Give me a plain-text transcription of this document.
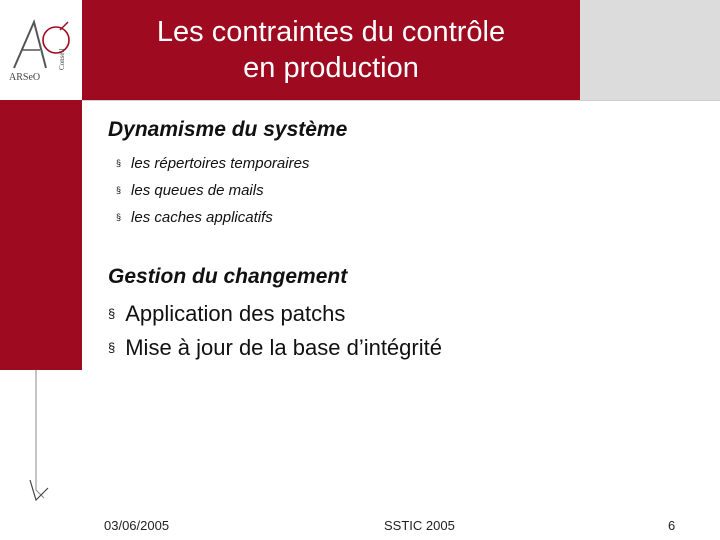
ARSeO
Conseil
Les contraintes du contrôle
en production
Dynamisme du système
§ les répertoires temporaires
§ les queues de mails
§ les caches applicatifs
Gestion du changement
§ Application des patchs
§ Mise à jour de la base d’intégrité
03/06/2005	SSTIC 2005	6
